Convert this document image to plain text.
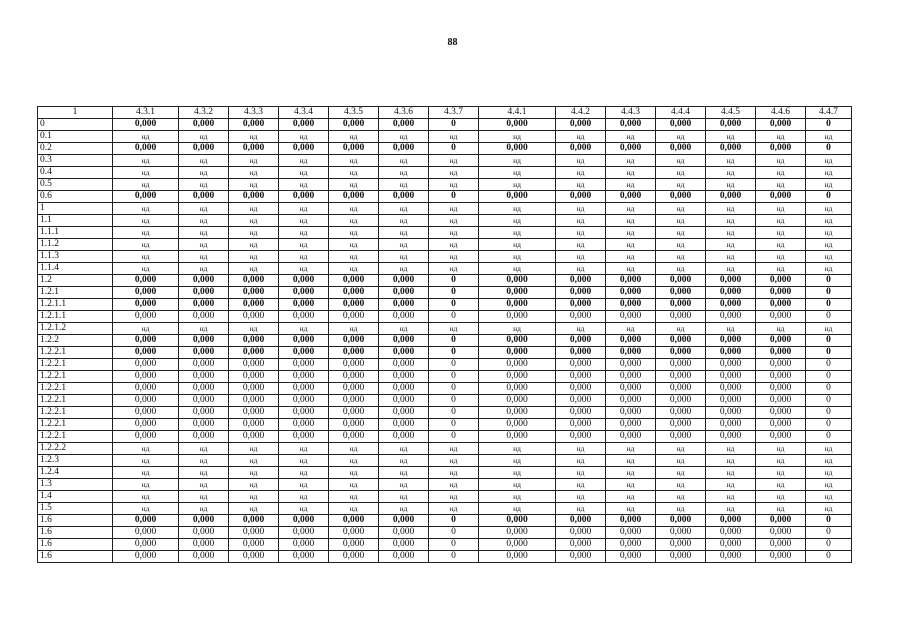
88
1	4.3.1	4.3.2	4.3.3	4.3.4	4.3.5	4.3.6	4.3.7	4.4.1	4.4.2	4.4.3	4.4.4	4.4.5	4.4.6	4.4.7
0	0,000	0,000	0,000	0,000	0,000	0,000	0	0,000	0,000	0,000	0,000	0,000	0,000	0
0.1	нд	нд	нд	нд	нд	нд	нд	нд	нд	нд	нд	нд	нд	нд
0.2	0,000	0,000	0,000	0,000	0,000	0,000	0	0,000	0,000	0,000	0,000	0,000	0,000	0
0.3	нд	нд	нд	нд	нд	нд	нд	нд	нд	нд	нд	нд	нд	нд
0.4	нд	нд	нд	нд	нд	нд	нд	нд	нд	нд	нд	нд	нд	нд
0.5	нд	нд	нд	нд	нд	нд	нд	нд	нд	нд	нд	нд	нд	нд
0.6	0,000	0,000	0,000	0,000	0,000	0,000	0	0,000	0,000	0,000	0,000	0,000	0,000	0
1	нд	нд	нд	нд	нд	нд	нд	нд	нд	нд	нд	нд	нд	нд
1.1	нд	нд	нд	нд	нд	нд	нд	нд	нд	нд	нд	нд	нд	нд
1.1.1	нд	нд	нд	нд	нд	нд	нд	нд	нд	нд	нд	нд	нд	нд
1.1.2	нд	нд	нд	нд	нд	нд	нд	нд	нд	нд	нд	нд	нд	нд
1.1.3	нд	нд	нд	нд	нд	нд	нд	нд	нд	нд	нд	нд	нд	нд
1.1.4	нд	нд	нд	нд	нд	нд	нд	нд	нд	нд	нд	нд	нд	нд
1.2	0,000	0,000	0,000	0,000	0,000	0,000	0	0,000	0,000	0,000	0,000	0,000	0,000	0
1.2.1	0,000	0,000	0,000	0,000	0,000	0,000	0	0,000	0,000	0,000	0,000	0,000	0,000	0
1.2.1.1	0,000	0,000	0,000	0,000	0,000	0,000	0	0,000	0,000	0,000	0,000	0,000	0,000	0
1.2.1.1	0,000	0,000	0,000	0,000	0,000	0,000	0	0,000	0,000	0,000	0,000	0,000	0,000	0
1.2.1.2	нд	нд	нд	нд	нд	нд	нд	нд	нд	нд	нд	нд	нд	нд
1.2.2	0,000	0,000	0,000	0,000	0,000	0,000	0	0,000	0,000	0,000	0,000	0,000	0,000	0
1.2.2.1	0,000	0,000	0,000	0,000	0,000	0,000	0	0,000	0,000	0,000	0,000	0,000	0,000	0
1.2.2.1	0,000	0,000	0,000	0,000	0,000	0,000	0	0,000	0,000	0,000	0,000	0,000	0,000	0
1.2.2.1	0,000	0,000	0,000	0,000	0,000	0,000	0	0,000	0,000	0,000	0,000	0,000	0,000	0
1.2.2.1	0,000	0,000	0,000	0,000	0,000	0,000	0	0,000	0,000	0,000	0,000	0,000	0,000	0
1.2.2.1	0,000	0,000	0,000	0,000	0,000	0,000	0	0,000	0,000	0,000	0,000	0,000	0,000	0
1.2.2.1	0,000	0,000	0,000	0,000	0,000	0,000	0	0,000	0,000	0,000	0,000	0,000	0,000	0
1.2.2.1	0,000	0,000	0,000	0,000	0,000	0,000	0	0,000	0,000	0,000	0,000	0,000	0,000	0
1.2.2.1	0,000	0,000	0,000	0,000	0,000	0,000	0	0,000	0,000	0,000	0,000	0,000	0,000	0
1.2.2.2	нд	нд	нд	нд	нд	нд	нд	нд	нд	нд	нд	нд	нд	нд
1.2.3	нд	нд	нд	нд	нд	нд	нд	нд	нд	нд	нд	нд	нд	нд
1.2.4	нд	нд	нд	нд	нд	нд	нд	нд	нд	нд	нд	нд	нд	нд
1.3	нд	нд	нд	нд	нд	нд	нд	нд	нд	нд	нд	нд	нд	нд
1.4	нд	нд	нд	нд	нд	нд	нд	нд	нд	нд	нд	нд	нд	нд
1.5	нд	нд	нд	нд	нд	нд	нд	нд	нд	нд	нд	нд	нд	нд
1.6	0,000	0,000	0,000	0,000	0,000	0,000	0	0,000	0,000	0,000	0,000	0,000	0,000	0
1.6	0,000	0,000	0,000	0,000	0,000	0,000	0	0,000	0,000	0,000	0,000	0,000	0,000	0
1.6	0,000	0,000	0,000	0,000	0,000	0,000	0	0,000	0,000	0,000	0,000	0,000	0,000	0
1.6	0,000	0,000	0,000	0,000	0,000	0,000	0	0,000	0,000	0,000	0,000	0,000	0,000	0
